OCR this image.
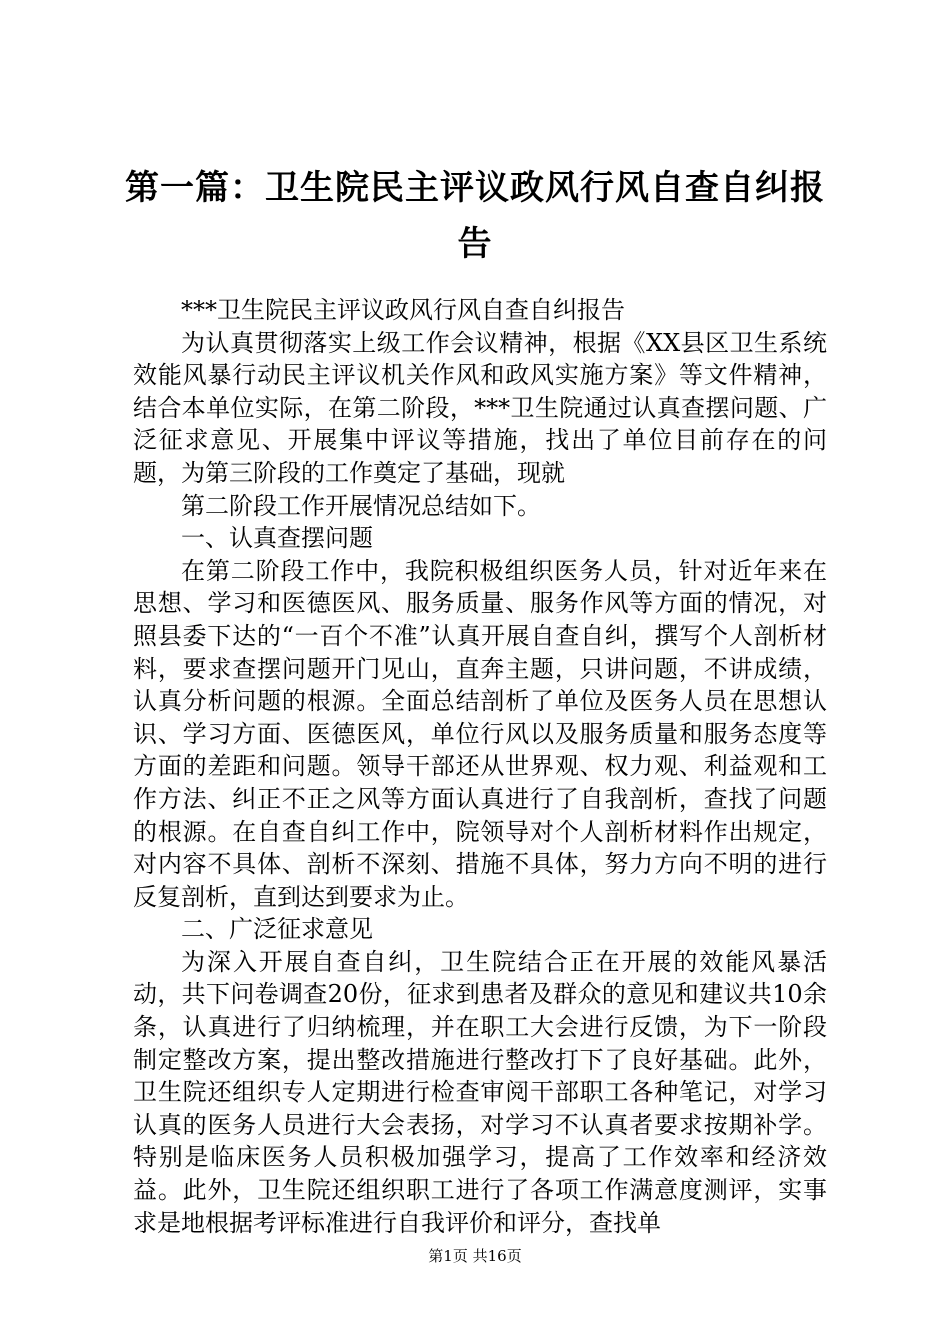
第一篇：卫生院民主评议政风行风自查自纠报
告

***卫生院民主评议政风行风自查自纠报告

为认真贯彻落实上级工作会议精神，根据《XX县区卫生系统效能风暴行动民主评议机关作风和政风实施方案》等文件精神，结合本单位实际，在第二阶段，***卫生院通过认真查摆问题、广泛征求意见、开展集中评议等措施，找出了单位目前存在的问题，为第三阶段的工作奠定了基础，现就

第二阶段工作开展情况总结如下。

一、认真查摆问题

在第二阶段工作中，我院积极组织医务人员，针对近年来在思想、学习和医德医风、服务质量、服务作风等方面的情况，对照县委下达的“一百个不准”认真开展自查自纠，撰写个人剖析材料，要求查摆问题开门见山，直奔主题，只讲问题，不讲成绩，认真分析问题的根源。全面总结剖析了单位及医务人员在思想认识、学习方面、医德医风，单位行风以及服务质量和服务态度等方面的差距和问题。领导干部还从世界观、权力观、利益观和工作方法、纠正不正之风等方面认真进行了自我剖析，查找了问题的根源。在自查自纠工作中，院领导对个人剖析材料作出规定，对内容不具体、剖析不深刻、措施不具体，努力方向不明的进行反复剖析，直到达到要求为止。

二、广泛征求意见

为深入开展自查自纠，卫生院结合正在开展的效能风暴活动，共下问卷调查20份，征求到患者及群众的意见和建议共10余条，认真进行了归纳梳理，并在职工大会进行反馈，为下一阶段制定整改方案，提出整改措施进行整改打下了良好基础。此外，卫生院还组织专人定期进行检查审阅干部职工各种笔记，对学习认真的医务人员进行大会表扬，对学习不认真者要求按期补学。特别是临床医务人员积极加强学习，提高了工作效率和经济效益。此外，卫生院还组织职工进行了各项工作满意度测评，实事求是地根据考评标准进行自我评价和评分，查找单

第1页 共16页
